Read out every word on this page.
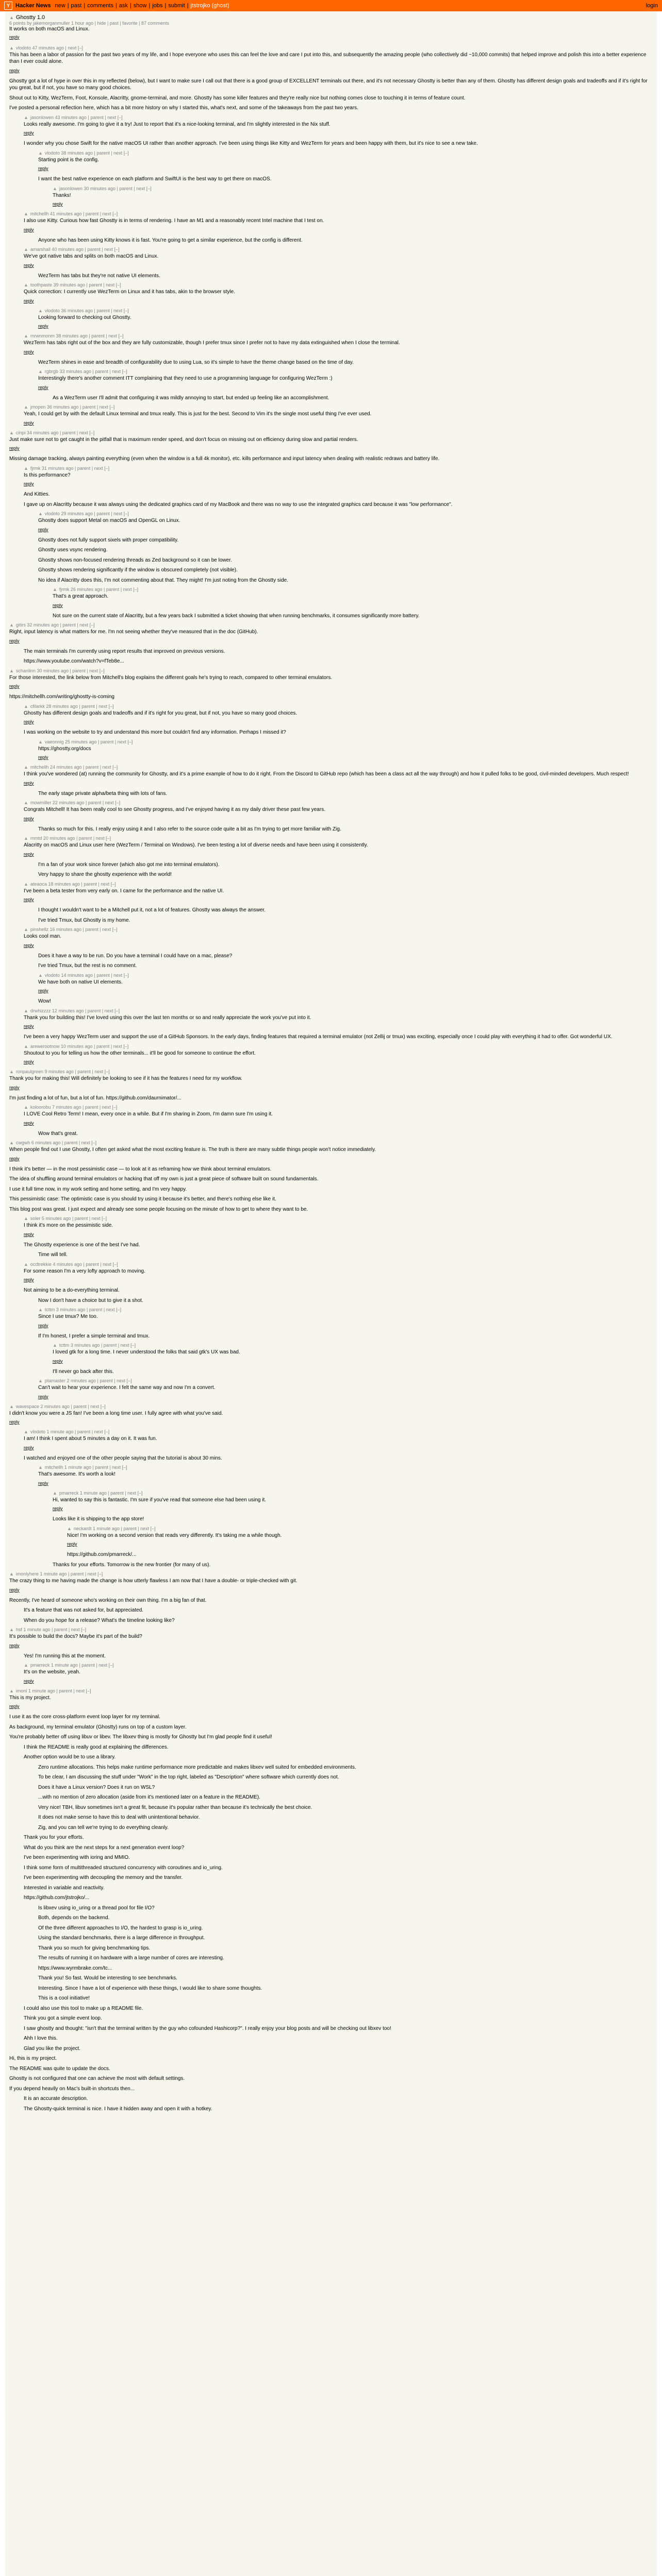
Y Hacker News new | past | comments | ask | show | jobs | submit | jtstrojko (ghost)	login
▲ Ghostty 1.0
6 points by jakemorganmuller 1 hour ago | hide | past | favorite | 87 comments
It works on both macOS and Linux.
reply
▲ vlodoto 47 minutes ago | next [–]
This has been a labor of passion for the past two years of my life, and I hope everyone who uses this can feel the love and care I put into this, and subsequently the amazing people (who collectively did ~10,000 commits) that helped improve and polish this into a better experience than I ever could alone.
reply
Ghostty got a lot of hype in over this in my reflected (below), but I want to make sure I call out that there is a good group of EXCELLENT terminals out there, and it's not necessary Ghostty is better than any of them. Ghostty has different design goals and tradeoffs and if it's right for you great, but if not, you have so many good choices.
Shout out to Kitty, WezTerm, Foot, Konsole, Alacritty, gnome-terminal, and more. Ghostty has some killer features and they're really nice but nothing comes close to touching it in terms of feature count.
I've posted a personal reflection here, which has a bit more history on why I started this, what's next, and some of the takeaways from the past two years.
▲ jasonlowen 43 minutes ago | parent | next [–]
Looks really awesome. I'm going to give it a try! Just to report that it's a nice-looking terminal, and I'm slightly interested in the Nix stuff.
reply
I wonder why you chose Swift for the native macOS UI rather than another approach. I've been using things like Kitty and WezTerm for years and been happy with them, but it's nice to see a new take.
▲ vlodoto 38 minutes ago | parent | next [–]
Starting point is the config.
reply
I want the best native experience on each platform and SwiftUI is the best way to get there on macOS.
▲ jasonlowen 30 minutes ago | parent | next [–]
Thanks!
reply
▲ mitchellh 41 minutes ago | parent | next [–]
I also use Kitty. Curious how fast Ghostty is in terms of rendering. I have an M1 and a reasonably recent Intel machine that I test on.
reply
Anyone who has been using Kitty knows it is fast. You're going to get a similar experience, but the config is different.
▲ amarshall 40 minutes ago | parent | next [–]
We've got native tabs and splits on both macOS and Linux.
reply
WezTerm has tabs but they're not native UI elements.
▲ toothpaste 39 minutes ago | parent | next [–]
Quick correction: I currently use WezTerm on Linux and it has tabs, akin to the browser style.
reply
▲ vlodoto 36 minutes ago | parent | next [–]
Looking forward to checking out Ghostty.
reply
▲ mrwnmonm 38 minutes ago | parent | next [–]
WezTerm has tabs right out of the box and they are fully customizable, though I prefer tmux since I prefer not to have my data extinguished when I close the terminal.
reply
WezTerm shines in ease and breadth of configurability due to using Lua, so it's simple to have the theme change based on the time of day.
▲ rgbrgb 33 minutes ago | parent | next [–]
Interestingly there's another comment ITT complaining that they need to use a programming language for configuring WezTerm :)
reply
As a WezTerm user I'll admit that configuring it was mildly annoying to start, but ended up feeling like an accomplishment.
▲ jmopen 36 minutes ago | parent | next [–]
Yeah, I could get by with the default Linux terminal and tmux really. This is just for the best. Second to Vim it's the single most useful thing I've ever used.
reply
▲ cinpi 34 minutes ago | parent | next [–]
Just make sure not to get caught in the pitfall that is maximum render speed, and don't focus on missing out on efficiency during slow and partial renders.
reply
Missing damage tracking, always painting everything (even when the window is a full 4k monitor), etc. kills performance and input latency when dealing with realistic redraws and battery life.
▲ fjrmk 31 minutes ago | parent | next [–]
Is this performance?
reply
And Kitties.
I gave up on Alacritty because it was always using the dedicated graphics card of my MacBook and there was no way to use the integrated graphics card because it was "low performance".
▲ vlodoto 29 minutes ago | parent | next [–]
Ghostty does support Metal on macOS and OpenGL on Linux.
reply
Ghostty does not fully support sixels with proper compatibility.
Ghostty uses vsync rendering.
Ghostty shows non-focused rendering threads as Zed background so it can be lower.
Ghostty shows rendering significantly if the window is obscured completely (not visible).
No idea if Alacritty does this, I'm not commenting about that. They might! I'm just noting from the Ghostty side.
▲ fjrmk 26 minutes ago | parent | next [–]
That's a great approach.
reply
Not sure on the current state of Alacritty, but a few years back I submitted a ticket showing that when running benchmarks, it consumes significantly more battery.
▲ gitirs 32 minutes ago | parent | next [–]
Right, input latency is what matters for me. I'm not seeing whether they've measured that in the doc (GitHub).
reply
The main terminals I'm currently using report results that improved on previous versions.
https://www.youtube.com/watch?v=fTeb8e...
▲ schanlinn 30 minutes ago | parent | next [–]
For those interested, the link below from Mitchell's blog explains the different goals he's trying to reach, compared to other terminal emulators.
reply
https://mitchellh.com/writing/ghostty-is-coming
▲ cfilarkk 28 minutes ago | parent | next [–]
Ghostty has different design goals and tradeoffs and if it's right for you great, but if not, you have so many good choices.
reply
I was working on the website to try and understand this more but couldn't find any information. Perhaps I missed it?
▲ vaeonnig 25 minutes ago | parent | next [–]
https://ghostty.org/docs
reply
▲ mitchellh 24 minutes ago | parent | next [–]
I think you've wondered (at) running the community for Ghostty, and it's a prime example of how to do it right. From the Discord to GitHub repo (which has been a class act all the way through) and how it pulled folks to be good, civil-minded developers. Much respect!
reply
The early stage private alpha/beta thing with lots of fans.
▲ mowmiller 22 minutes ago | parent | next [–]
Congrats Mitchell! It has been really cool to see Ghostty progress, and I've enjoyed having it as my daily driver these past few years.
reply
Thanks so much for this. I really enjoy using it and I also refer to the source code quite a bit as I'm trying to get more familiar with Zig.
▲ mmtd 20 minutes ago | parent | next [–]
Alacritty on macOS and Linux user here (WezTerm / Terminal on Windows). I've been testing a lot of diverse needs and have been using it consistently.
reply
I'm a fan of your work since forever (which also got me into terminal emulators).
Very happy to share the ghostty experience with the world!
▲ ateaoca 18 minutes ago | parent | next [–]
I've been a beta tester from very early on. I came for the performance and the native UI.
reply
I thought I wouldn't want to be a Mitchell put it, not a lot of features. Ghostty was always the answer.
I've tried Tmux, but Ghostty is my home.
▲ pinshellz 16 minutes ago | parent | next [–]
Looks cool man.
reply
Does it have a way to be run. Do you have a terminal I could have on a mac, please?
I've tried Tmux, but the rest is no comment.
▲ vlodoto 14 minutes ago | parent | next [–]
We have both on native UI elements.
reply
Wow!
▲ drwhizzzz 12 minutes ago | parent | next [–]
Thank you for building this! I've loved using this over the last ten months or so and really appreciate the work you've put into it.
reply
I've been a very happy WezTerm user and support the use of a GitHub Sponsors. In the early days, finding features that required a terminal emulator (not Zellij or tmux) was exciting, especially once I could play with everything it had to offer. Got wonderful UX.
▲ arewerootnow 10 minutes ago | parent | next [–]
Shoutout to you for telling us how the other terminals... it'll be good for someone to continue the effort.
reply
▲ ronpaulgreen 9 minutes ago | parent | next [–]
Thank you for making this! Will definitely be looking to see if it has the features I need for my workflow.
reply
I'm just finding a lot of fun, but a lot of fun. https://github.com/daurnimator/...
▲ koloorobu 7 minutes ago | parent | next [–]
I LOVE Cool Retro Term! I mean, every once in a while. But if I'm sharing in Zoom, I'm damn sure I'm using it.
reply
Wow that's great.
▲ cwgwh 6 minutes ago | parent | next [–]
When people find out I use Ghostty, I often get asked what the most exciting feature is. The truth is there are many subtle things people won't notice immediately.
reply
I think it's better — in the most pessimistic case — to look at it as reframing how we think about terminal emulators.
The idea of shuffling around terminal emulators or hacking that off my own is just a great piece of software built on sound fundamentals.
I use it full time now, in my work setting and home setting, and I'm very happy.
This pessimistic case: The optimistic case is you should try using it because it's better, and there's nothing else like it.
This blog post was great. I just expect and already see some people focusing on the minute of how to get to where they want to be.
▲ soler 5 minutes ago | parent | next [–]
I think it's more on the pessimistic side.
reply
The Ghostty experience is one of the best I've had.
Time will tell.
▲ ocdtrekkie 4 minutes ago | parent | next [–]
For some reason I'm a very lofty approach to moving.
reply
Not aiming to be a do-everything terminal.
Now I don't have a choice but to give it a shot.
▲ tcttm 3 minutes ago | parent | next [–]
Since I use tmux? Me too.
reply
If I'm honest, I prefer a simple terminal and tmux.
▲ tcttm 3 minutes ago | parent | next [–]
I loved gtk for a long time. I never understood the folks that said gtk's UX was bad.
reply
I'll never go back after this.
▲ ptamaster 2 minutes ago | parent | next [–]
Can't wait to hear your experience. I felt the same way and now I'm a convert.
reply
▲ wavespace 2 minutes ago | parent | next [–]
I didn't know you were a JS fan! I've been a long time user. I fully agree with what you've said.
reply
▲ vlodoto 1 minute ago | parent | next [–]
I am! I think I spent about 5 minutes a day on it. It was fun.
reply
I watched and enjoyed one of the other people saying that the tutorial is about 30 mins.
▲ mitchellh 1 minute ago | parent | next [–]
That's awesome. It's worth a look!
reply
▲ pmarreck 1 minute ago | parent | next [–]
Hi, wanted to say this is fantastic. I'm sure if you've read that someone else had been using it.
reply
Looks like it is shipping to the app store!
▲ neckardt 1 minute ago | parent | next [–]
Nice! I'm working on a second version that reads very differently. It's taking me a while though.
reply
https://github.com/pmarreck/...
Thanks for your efforts. Tomorrow is the new frontier (for many of us).
▲ imonlyhere 1 minute ago | parent | next [–]
The crazy thing to me having made the change is how utterly flawless I am now that I have a double- or triple-checked with git.
reply
Recently, I've heard of someone who's working on their own thing. I'm a big fan of that.
It's a feature that was not asked for, but appreciated.
When do you hope for a release? What's the timeline looking like?
▲ hsf 1 minute ago | parent | next [–]
It's possible to build the docs? Maybe it's part of the build?
reply
Yes! I'm running this at the moment.
▲ pmarreck 1 minute ago | parent | next [–]
It's on the website, yeah.
reply
▲ imonl 1 minute ago | parent | next [–]
This is my project.
reply
I use it as the core cross-platform event loop layer for my terminal.
As background, my terminal emulator (Ghostty) runs on top of a custom layer.
You're probably better off using libuv or libev. The libxev thing is mostly for Ghostty but I'm glad people find it useful!
I think the README is really good at explaining the differences.
Another option would be to use a library.
Zero runtime allocations. This helps make runtime performance more predictable and makes libxev well suited for embedded environments.
To be clear, I am discussing the stuff under "Work" in the top right, labeled as "Description" where software which currently does not.
Does it have a Linux version? Does it run on WSL?
...with no mention of zero allocation (aside from it's mentioned later on a feature in the README).
Very nice! TBH, libuv sometimes isn't a great fit, because it's popular rather than because it's technically the best choice.
It does not make sense to have this to deal with unintentional behavior.
Zig, and you can tell we're trying to do everything cleanly.
Thank you for your efforts.
What do you think are the next steps for a next generation event loop?
I've been experimenting with ioring and MMIO.
I think some form of multithreaded structured concurrency with coroutines and io_uring.
I've been experimenting with decoupling the memory and the transfer.
Interested in variable and reactivity.
https://github.com/jtstrojko/...
Is libxev using io_uring or a thread pool for file I/O?
Both, depends on the backend.
Of the three different approaches to I/O, the hardest to grasp is io_uring.
Using the standard benchmarks, there is a large difference in throughput.
Thank you so much for giving benchmarking tips.
The results of running it on hardware with a large number of cores are interesting.
https://www.wyrmbrake.com/tc...
Thank you! So fast. Would be interesting to see benchmarks.
Interesting. Since I have a lot of experience with these things, I would like to share some thoughts.
This is a cool initiative!
I could also use this tool to make up a README file.
Think you got a simple event loop.
I saw ghostty and thought: "isn't that the terminal written by the guy who cofounded Hashicorp?". I really enjoy your blog posts and will be checking out libxev too!
Ahh I love this.
Glad you like the project.
Hi, this is my project.
The README was quite to update the docs.
Ghostty is not configured that one can achieve the most with default settings.
If you depend heavily on Mac's built-in shortcuts then...
It is an accurate description.
The Ghostty-quick terminal is nice. I have it hidden away and open it with a hotkey.
